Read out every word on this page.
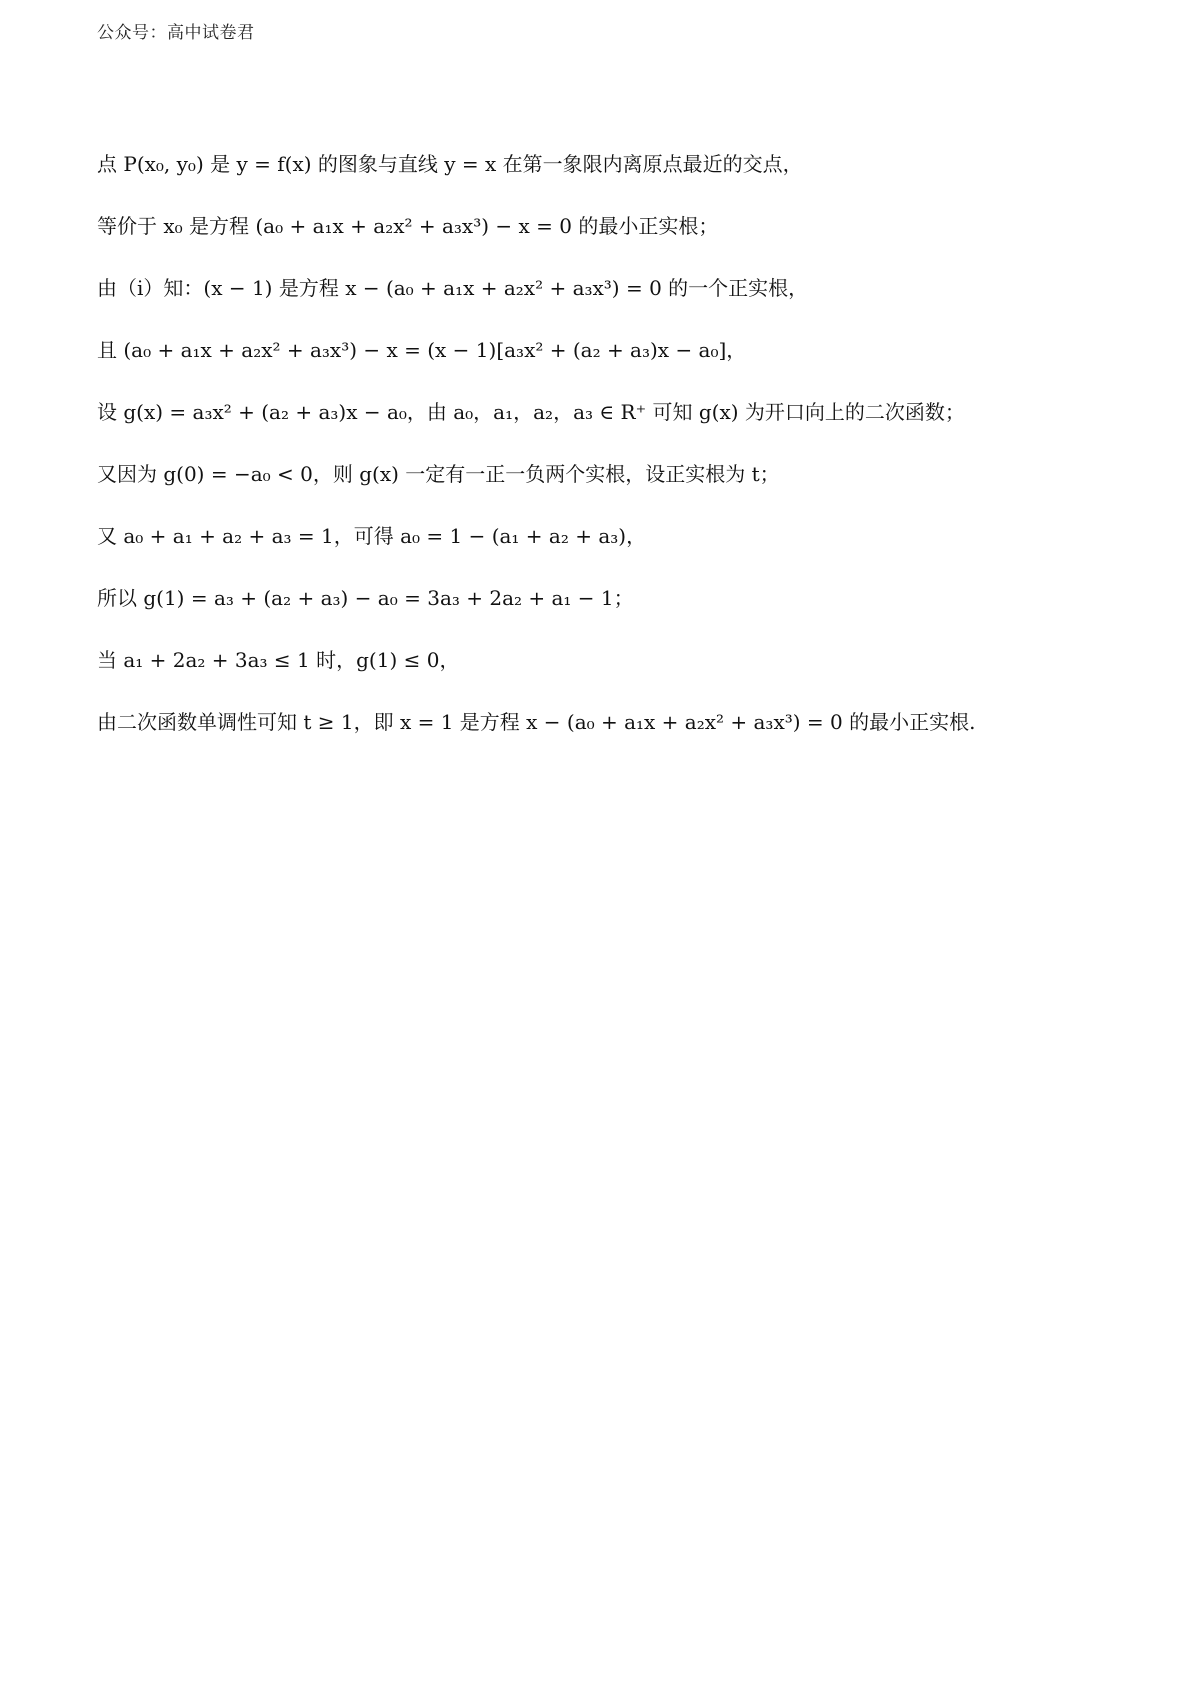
公众号：高中试卷君
点 P(x₀, y₀) 是 y = f(x) 的图象与直线 y = x 在第一象限内离原点最近的交点，
等价于 x₀ 是方程 (a₀ + a₁x + a₂x² + a₃x³) − x = 0 的最小正实根；
由（i）知：(x − 1) 是方程 x − (a₀ + a₁x + a₂x² + a₃x³) = 0 的一个正实根，
且 (a₀ + a₁x + a₂x² + a₃x³) − x = (x − 1)[a₃x² + (a₂ + a₃)x − a₀]，
设 g(x) = a₃x² + (a₂ + a₃)x − a₀，由 a₀，a₁，a₂，a₃ ∈ R⁺ 可知 g(x) 为开口向上的二次函数；
又因为 g(0) = −a₀ < 0，则 g(x) 一定有一正一负两个实根，设正实根为 t；
又 a₀ + a₁ + a₂ + a₃ = 1，可得 a₀ = 1 − (a₁ + a₂ + a₃)，
所以 g(1) = a₃ + (a₂ + a₃) − a₀ = 3a₃ + 2a₂ + a₁ − 1；
当 a₁ + 2a₂ + 3a₃ ≤ 1 时，g(1) ≤ 0，
由二次函数单调性可知 t ≥ 1，即 x = 1 是方程 x − (a₀ + a₁x + a₂x² + a₃x³) = 0 的最小正实根.
